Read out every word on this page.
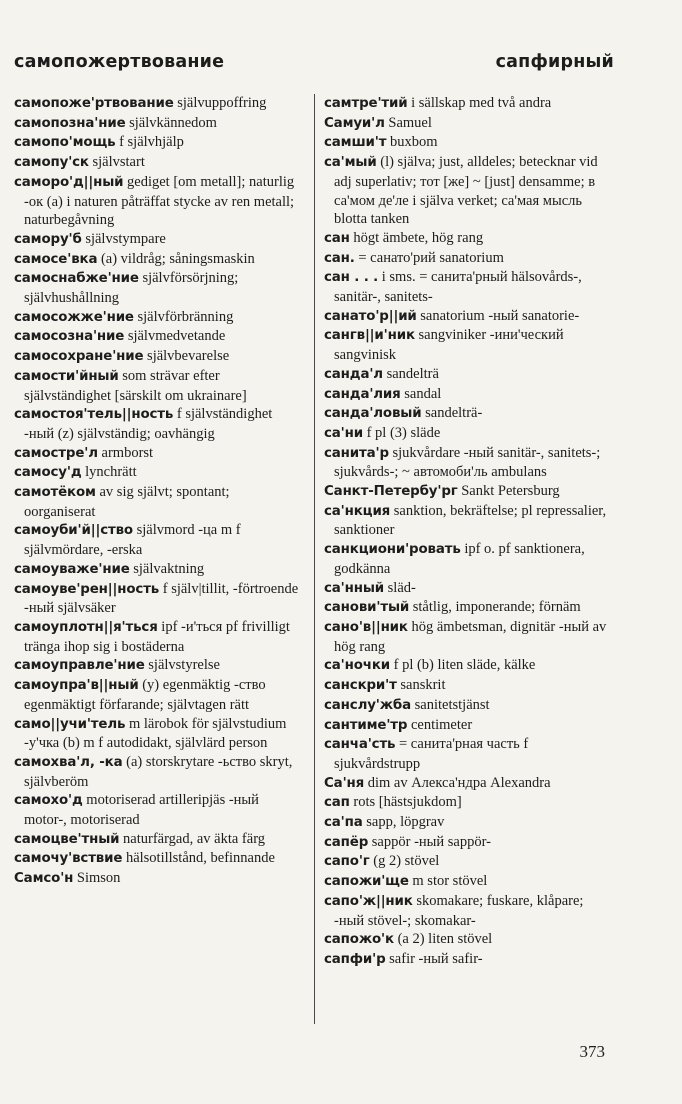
самопожертвование	сапфирный

самопоже'ртвование självuppoffring

самопозна'ние självkännedom

самопо'мощь f självhjälp

самопу'ск självstart

самоpо'д||ный gediget [om metall]; naturlig -ок (a) i naturen påträffat stycke av ren metall; naturbegåvning

самору'б självstympare

самосе'вка (a) vildråg; såningsmaskin

самоснабже'ние självförsörjning; självhushållning

самосожже'ние självförbränning

самосозна'ние självmedvetande

самосохране'ние självbevarelse

самости'йный som strävar efter självständighet [särskilt om ukrainare]

самостоя'тель||ность f självständighet -ный (z) självständig; oavhängig

самостре'л armborst

самосу'д lynchrätt

самотёком av sig självt; spontant; oorganiserat

самоуби'й||ство självmord -ца m f självmördare, -erska

самоуваже'ние självaktning

самоуве'рен||ность f själv|tillit, -förtroende -ный självsäker

самоуплотн||я'ться ipf -и'ться pf frivilligt tränga ihop sig i bostäderna

самоуправле'ние självstyrelse

самоупра'в||ный (y) egenmäktig -ство egenmäktigt förfarande; självtagen rätt

само||учи'тель m lärobok för självstudium -у'чка (b) m f autodidakt, självlärd person

самохва'л, -ка (a) storskrytare -ьство skryt, självberöm

самохо'д motoriserad artilleripjäs -ный motor-, motoriserad

самоцве'тный naturfärgad, av äkta färg

самочу'вствие hälsotillstånd, befinnande

Самсо'н Simson

самтре'тий i sällskap med två andra

Самуи'л Samuel

самши'т buxbom

са'мый (l) själva; just, alldeles; betecknar vid adj superlativ; тот [же] ~ [just] densamme; в са'мом де'ле i själva verket; са'мая мысль blotta tanken

сан högt ämbete, hög rang

сан. = санато'рий sanatorium

сан . . . i sms. = санита'рный hälsovårds-, sanitär-, sanitets-

санато'р||ий sanatorium -ный sanatorie-

сангв||и'ник sangviniker -ини'ческий sangvinisk

санда'л sandelträ

санда'лия sandal

санда'ловый sandelträ-

са'ни f pl (3) släde

санита'р sjukvårdare -ный sanitär-, sanitets-; sjukvårds-; ~ автомоби'ль ambulans

Санкт-Петербу'рг Sankt Petersburg

са'нкция sanktion, bekräftelse; pl repressalier, sanktioner

санкциони'ровать ipf o. pf sanktionera, godkänna

са'нный släd-

санови'тый ståtlig, imponerande; förnäm

сано'в||ник hög ämbetsman, dignitär -ный av hög rang

са'ночки f pl (b) liten släde, kälke

санскри'т sanskrit

санслу'жба sanitetstjänst

сантиме'тр centimeter

санча'сть = санита'рная часть f sjukvårdstrupp

Са'ня dim av Алекса'ндра Alexandra

сап rots [hästsjukdom]

са'па sapp, löpgrav

сапёр sappör -ный sappör-

сапо'г (g 2) stövel

сапожи'ще m stor stövel

сапо'ж||ник skomakare; fuskare, klåpare; -ный stövel-; skomakar-

сапожо'к (a 2) liten stövel

сапфи'р safir -ный safir-

373
